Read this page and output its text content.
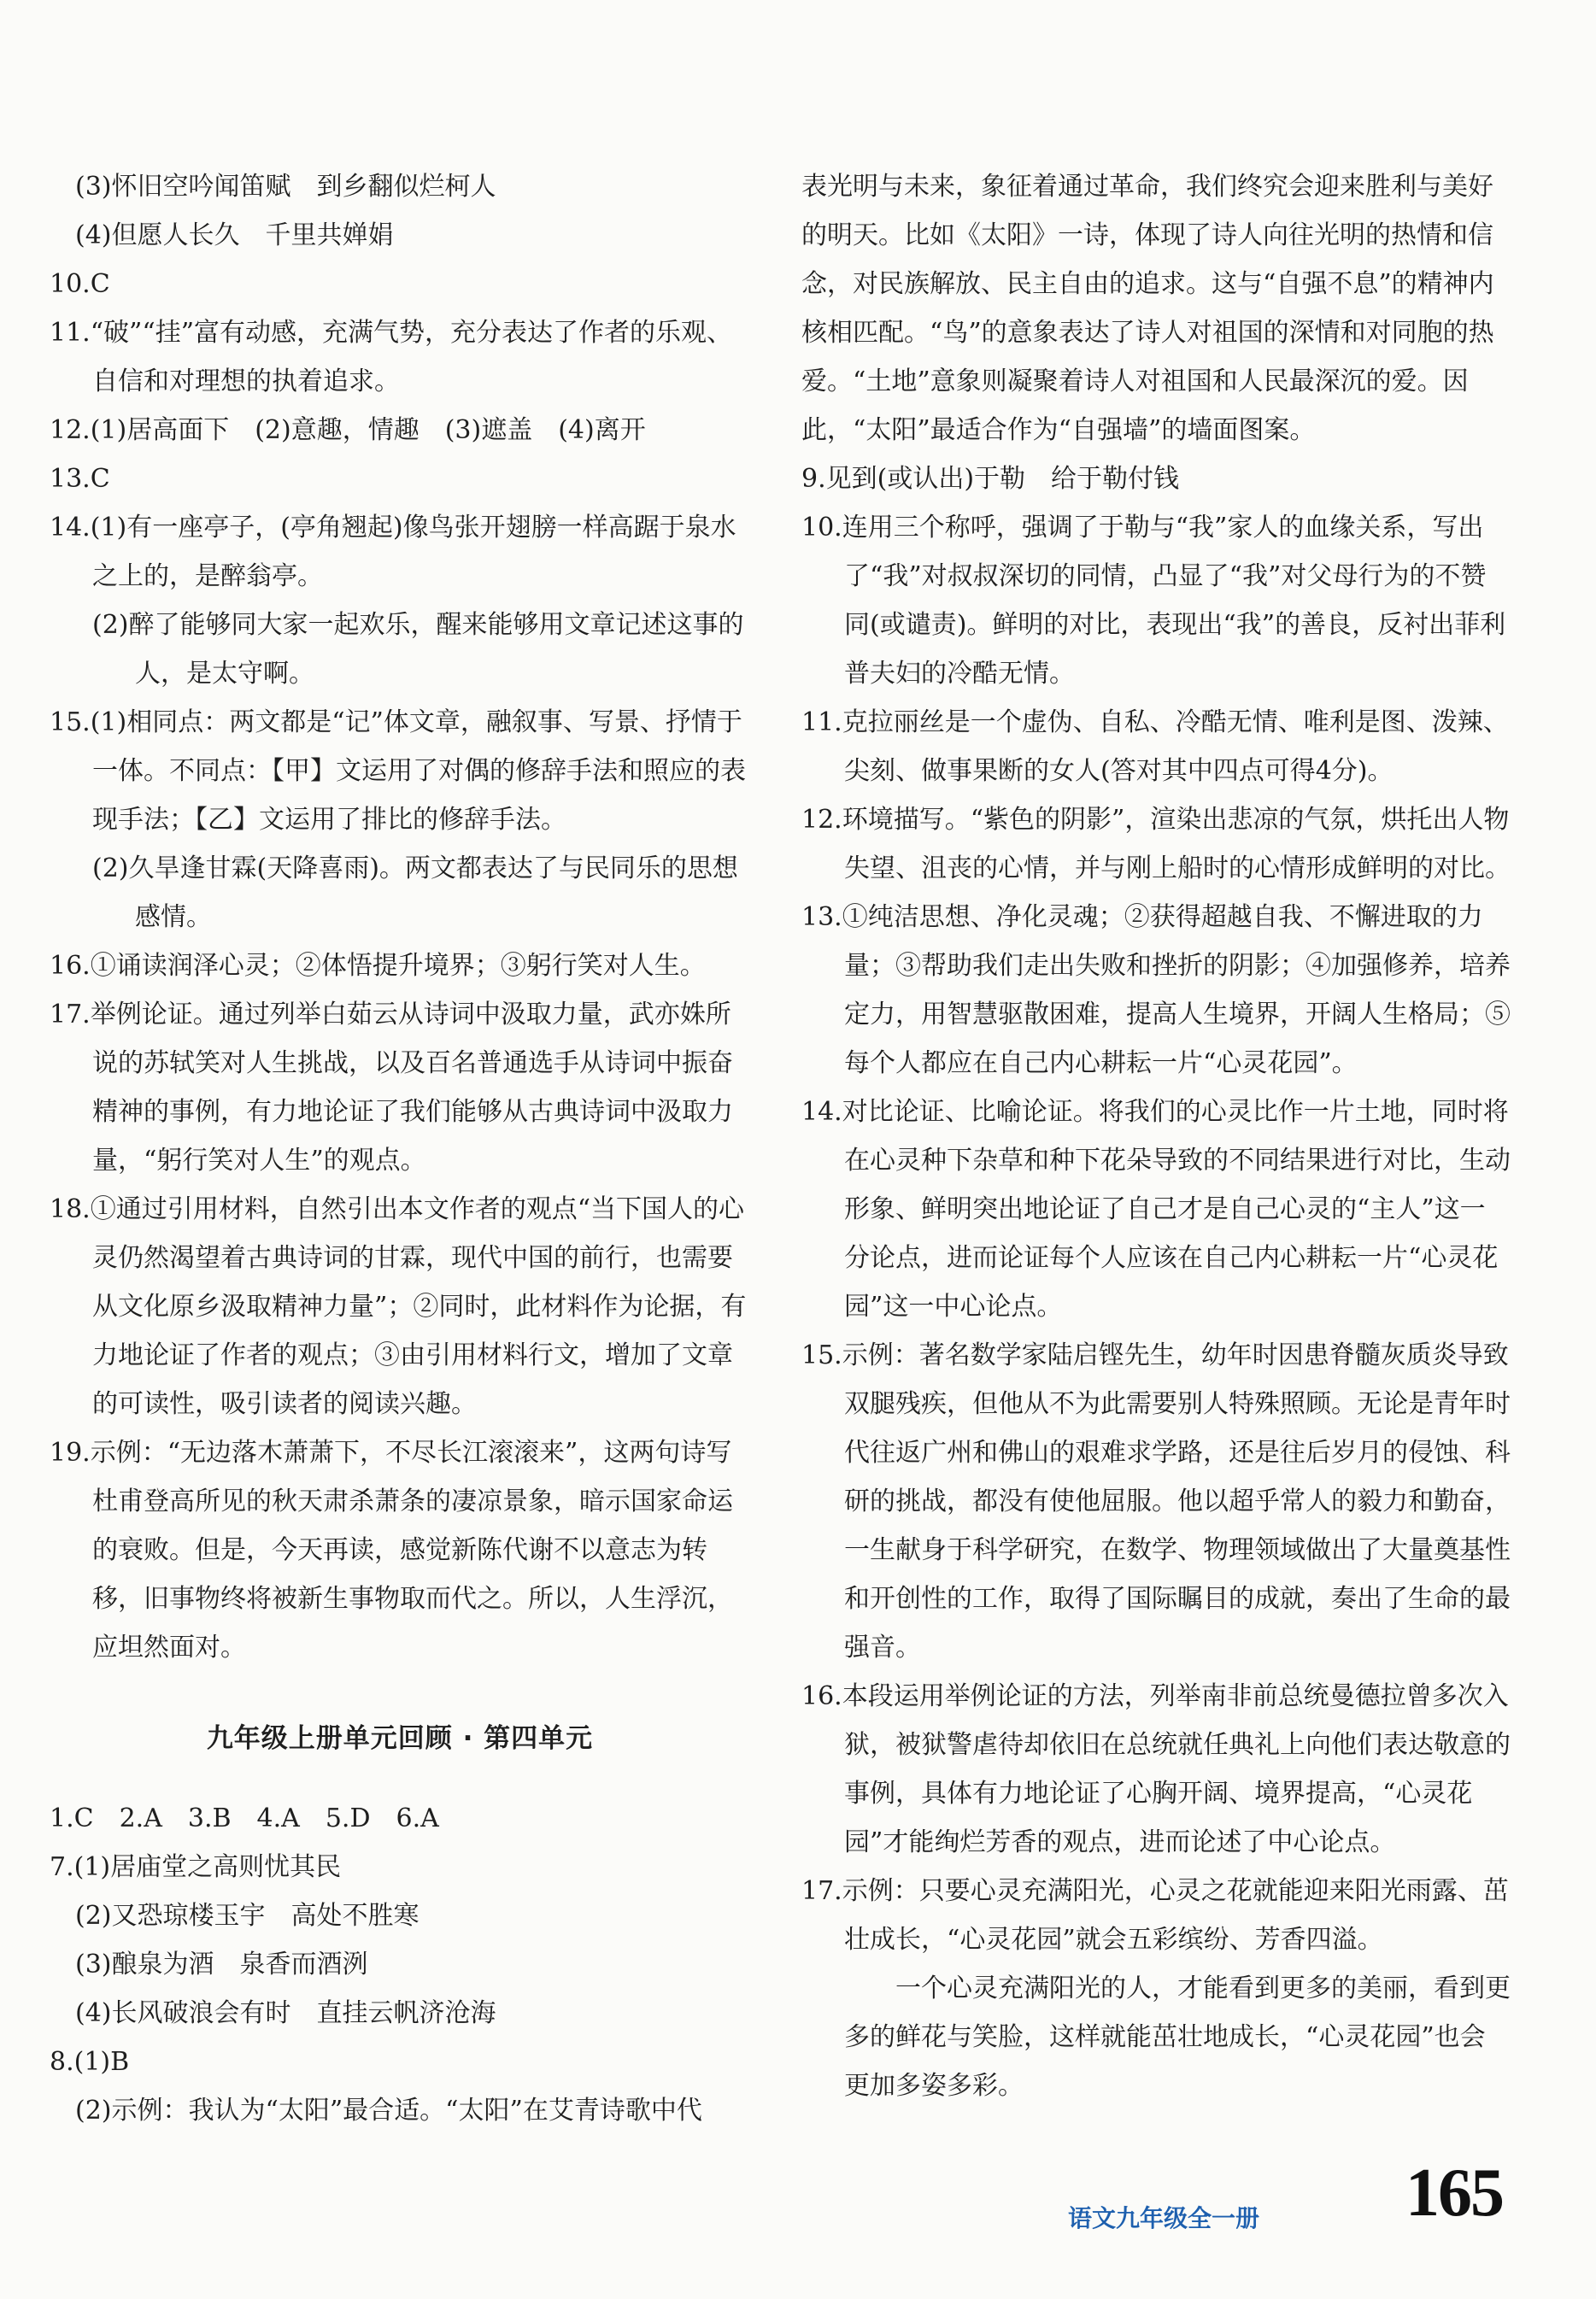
(3)怀旧空吟闻笛赋　到乡翻似烂柯人
(4)但愿人长久　千里共婵娟
10.C
11.“破”“挂”富有动感，充满气势，充分表达了作者的乐观、自信和对理想的执着追求。
12.(1)居高面下　(2)意趣，情趣　(3)遮盖　(4)离开
13.C
14.(1)有一座亭子，(亭角翘起)像鸟张开翅膀一样高踞于泉水之上的，是醉翁亭。
(2)醉了能够同大家一起欢乐，醒来能够用文章记述这事的人，是太守啊。
15.(1)相同点：两文都是“记”体文章，融叙事、写景、抒情于一体。不同点：【甲】文运用了对偶的修辞手法和照应的表现手法；【乙】文运用了排比的修辞手法。
(2)久旱逢甘霖(天降喜雨)。两文都表达了与民同乐的思想感情。
16.①诵读润泽心灵；②体悟提升境界；③躬行笑对人生。
17.举例论证。通过列举白茹云从诗词中汲取力量，武亦姝所说的苏轼笑对人生挑战，以及百名普通选手从诗词中振奋精神的事例，有力地论证了我们能够从古典诗词中汲取力量，“躬行笑对人生”的观点。
18.①通过引用材料，自然引出本文作者的观点“当下国人的心灵仍然渴望着古典诗词的甘霖，现代中国的前行，也需要从文化原乡汲取精神力量”；②同时，此材料作为论据，有力地论证了作者的观点；③由引用材料行文，增加了文章的可读性，吸引读者的阅读兴趣。
19.示例：“无边落木萧萧下，不尽长江滚滚来”，这两句诗写杜甫登高所见的秋天肃杀萧条的凄凉景象，暗示国家命运的衰败。但是，今天再读，感觉新陈代谢不以意志为转移，旧事物终将被新生事物取而代之。所以，人生浮沉，应坦然面对。
九年级上册单元回顾 · 第四单元
1.C　2.A　3.B　4.A　5.D　6.A
7.(1)居庙堂之高则忧其民
(2)又恐琼楼玉宇　高处不胜寒
(3)酿泉为酒　泉香而酒洌
(4)长风破浪会有时　直挂云帆济沧海
8.(1)B
(2)示例：我认为“太阳”最合适。“太阳”在艾青诗歌中代
表光明与未来，象征着通过革命，我们终究会迎来胜利与美好的明天。比如《太阳》一诗，体现了诗人向往光明的热情和信念，对民族解放、民主自由的追求。这与“自强不息”的精神内核相匹配。“鸟”的意象表达了诗人对祖国的深情和对同胞的热爱。“土地”意象则凝聚着诗人对祖国和人民最深沉的爱。因此，“太阳”最适合作为“自强墙”的墙面图案。
9.见到(或认出)于勒　给于勒付钱
10.连用三个称呼，强调了于勒与“我”家人的血缘关系，写出了“我”对叔叔深切的同情，凸显了“我”对父母行为的不赞同(或谴责)。鲜明的对比，表现出“我”的善良，反衬出菲利普夫妇的冷酷无情。
11.克拉丽丝是一个虚伪、自私、冷酷无情、唯利是图、泼辣、尖刻、做事果断的女人(答对其中四点可得4分)。
12.环境描写。“紫色的阴影”，渲染出悲凉的气氛，烘托出人物失望、沮丧的心情，并与刚上船时的心情形成鲜明的对比。
13.①纯洁思想、净化灵魂；②获得超越自我、不懈进取的力量；③帮助我们走出失败和挫折的阴影；④加强修养，培养定力，用智慧驱散困难，提高人生境界，开阔人生格局；⑤每个人都应在自己内心耕耘一片“心灵花园”。
14.对比论证、比喻论证。将我们的心灵比作一片土地，同时将在心灵种下杂草和种下花朵导致的不同结果进行对比，生动形象、鲜明突出地论证了自己才是自己心灵的“主人”这一分论点，进而论证每个人应该在自己内心耕耘一片“心灵花园”这一中心论点。
15.示例：著名数学家陆启铿先生，幼年时因患脊髓灰质炎导致双腿残疾，但他从不为此需要别人特殊照顾。无论是青年时代往返广州和佛山的艰难求学路，还是往后岁月的侵蚀、科研的挑战，都没有使他屈服。他以超乎常人的毅力和勤奋，一生献身于科学研究，在数学、物理领域做出了大量奠基性和开创性的工作，取得了国际瞩目的成就，奏出了生命的最强音。
16.本段运用举例论证的方法，列举南非前总统曼德拉曾多次入狱，被狱警虐待却依旧在总统就任典礼上向他们表达敬意的事例，具体有力地论证了心胸开阔、境界提高，“心灵花园”才能绚烂芳香的观点，进而论述了中心论点。
17.示例：只要心灵充满阳光，心灵之花就能迎来阳光雨露、茁壮成长，“心灵花园”就会五彩缤纷、芳香四溢。
一个心灵充满阳光的人，才能看到更多的美丽，看到更多的鲜花与笑脸，这样就能茁壮地成长，“心灵花园”也会更加多姿多彩。
语文九年级全一册 165
